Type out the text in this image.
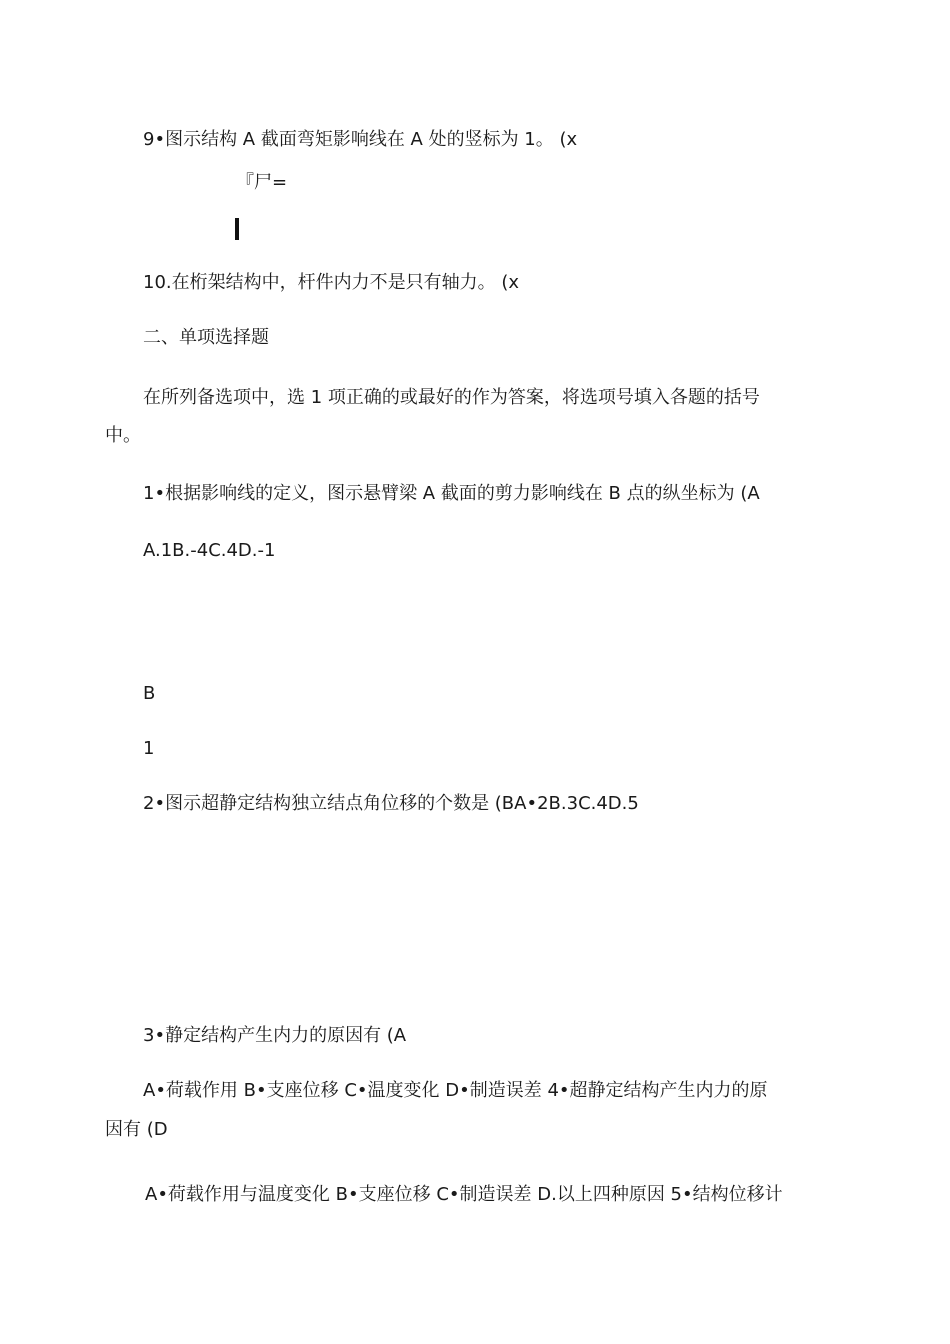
9•图示结构 A 截面弯矩影响线在 A 处的竖标为 1。 (x
『尸=
10.在桁架结构中，杆件内力不是只有轴力。 (x
二、单项选择题
在所列备选项中，选 1 项正确的或最好的作为答案，将选项号填入各题的括号
中。
1•根据影响线的定义，图示悬臂梁 A 截面的剪力影响线在 B 点的纵坐标为 (A
A.1B.-4C.4D.-1
B
1
2•图示超静定结构独立结点角位移的个数是 (BA•2B.3C.4D.5
3•静定结构产生内力的原因有 (A
A•荷载作用 B•支座位移 C•温度变化 D•制造误差 4•超静定结构产生内力的原
因有 (D
A•荷载作用与温度变化 B•支座位移 C•制造误差 D.以上四种原因 5•结构位移计
